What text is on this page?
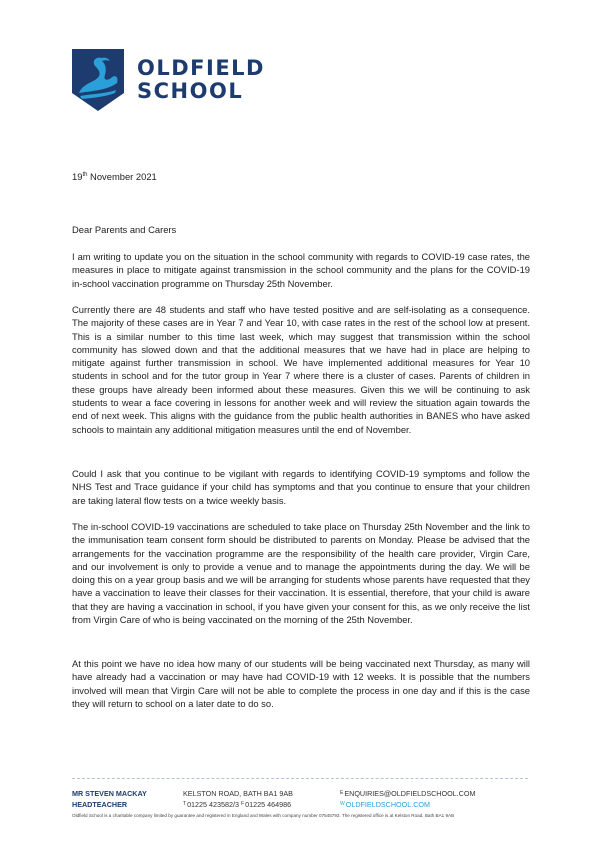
OLDFIELD
SCHOOL
19th November 2021
Dear Parents and Carers

I am writing to update you on the situation in the school community with regards to COVID-19 case rates, the measures in place to mitigate against transmission in the school community and the plans for the COVID-19 in-school vaccination programme on Thursday 25th November.

Currently there are 48 students and staff who have tested positive and are self-isolating as a consequence. The majority of these cases are in Year 7 and Year 10, with case rates in the rest of the school low at present. This is a similar number to this time last week, which may suggest that transmission within the school community has slowed down and that the additional measures that we have had in place are helping to mitigate against further transmission in school. We have implemented additional measures for Year 10 students in school and for the tutor group in Year 7 where there is a cluster of cases. Parents of children in these groups have already been informed about these measures. Given this we will be continuing to ask students to wear a face covering in lessons for another week and will review the situation again towards the end of next week. This aligns with the guidance from the public health authorities in BANES who have asked schools to maintain any additional mitigation measures until the end of November.

Could I ask that you continue to be vigilant with regards to identifying COVID-19 symptoms and follow the NHS Test and Trace guidance if your child has symptoms and that you continue to ensure that your children are taking lateral flow tests on a twice weekly basis.

The in-school COVID-19 vaccinations are scheduled to take place on Thursday 25th November and the link to the immunisation team consent form should be distributed to parents on Monday. Please be advised that the arrangements for the vaccination programme are the responsibility of the health care provider, Virgin Care, and our involvement is only to provide a venue and to manage the appointments during the day. We will be doing this on a year group basis and we will be arranging for students whose parents have requested that they have a vaccination to leave their classes for their vaccination. It is essential, therefore, that your child is aware that they are having a vaccination in school, if you have given your consent for this, as we only receive the list from Virgin Care of who is being vaccinated on the morning of the 25th November.

At this point we have no idea how many of our students will be being vaccinated next Thursday, as many will have already had a vaccination or may have had COVID-19 with 12 weeks. It is possible that the numbers involved will mean that Virgin Care will not be able to complete the process in one day and if this is the case they will return to school on a later date to do so.

MR STEVEN MACKAY
HEADTEACHER
KELSTON ROAD, BATH BA1 9AB
$^T$01225 423582/3 $^F$01225 464986
$^E$ENQUIRIES@OLDFIELDSCHOOL.COM
$^W$OLDFIELDSCHOOL.COM
Oldfield School is a charitable company limited by guarantee and registered in England and Wales with company number 07545793. The registered office is at Kelston Road, Bath BA1 9AB
